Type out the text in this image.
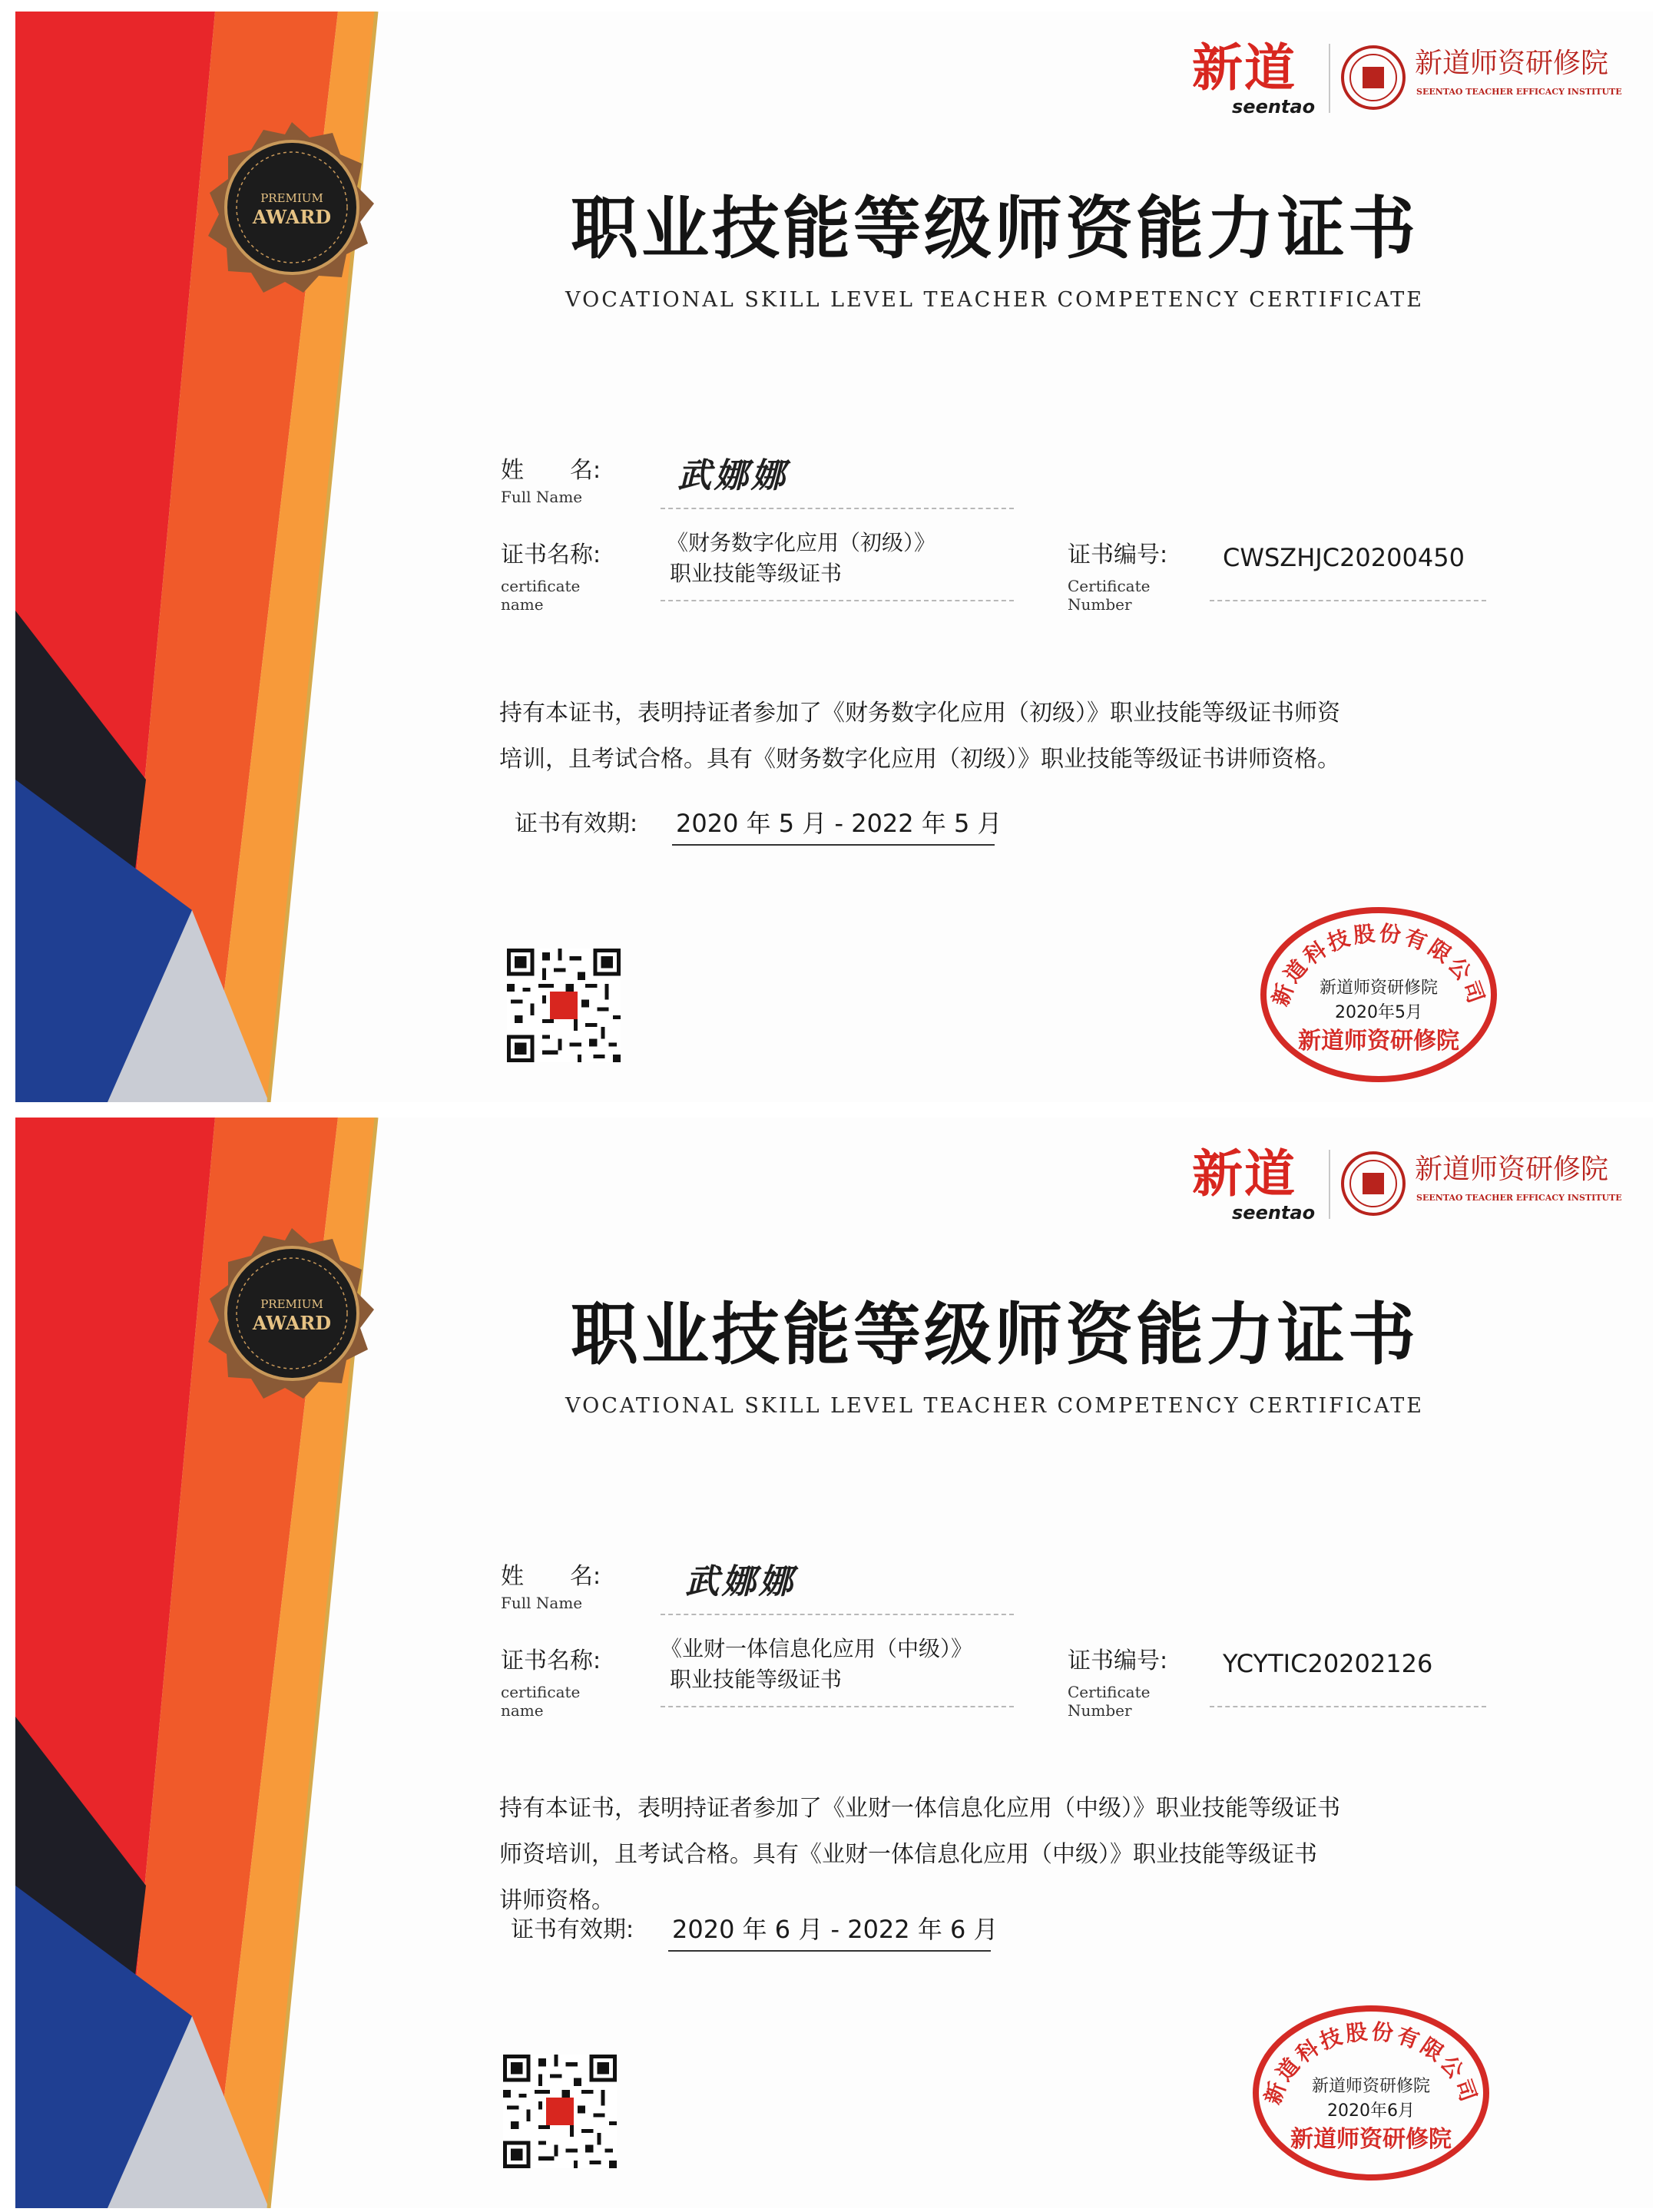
PREMIUM
AWARD
新道
seentao
新道师资研修院
SEENTAO TEACHER EFFICACY INSTITUTE
职业技能等级师资能力证书
VOCATIONAL SKILL LEVEL TEACHER COMPETENCY CERTIFICATE
姓　　名:
Full Name
武娜娜
证书名称:
certificate
name
《财务数字化应用（初级）》
职业技能等级证书
证书编号:
Certificate
Number
CWSZHJC20200450
持有本证书，表明持证者参加了《财务数字化应用（初级）》职业技能等级证书师资
培训，且考试合格。具有《财务数字化应用（初级）》职业技能等级证书讲师资格。
证书有效期: 2020 年 5 月 - 2022 年 5 月
新道科技股份有限公司
新道师资研修院
2020年5月
新道师资研修院
PREMIUM
AWARD
新道
seentao
新道师资研修院
SEENTAO TEACHER EFFICACY INSTITUTE
职业技能等级师资能力证书
VOCATIONAL SKILL LEVEL TEACHER COMPETENCY CERTIFICATE
姓　　名:
Full Name
武娜娜
证书名称:
certificate
name
《业财一体信息化应用（中级）》
职业技能等级证书
证书编号:
Certificate
Number
YCYTIC20202126
持有本证书，表明持证者参加了《业财一体信息化应用（中级）》职业技能等级证书
师资培训，且考试合格。具有《业财一体信息化应用（中级）》职业技能等级证书
讲师资格。
证书有效期: 2020 年 6 月 - 2022 年 6 月
新道科技股份有限公司
新道师资研修院
2020年6月
新道师资研修院
